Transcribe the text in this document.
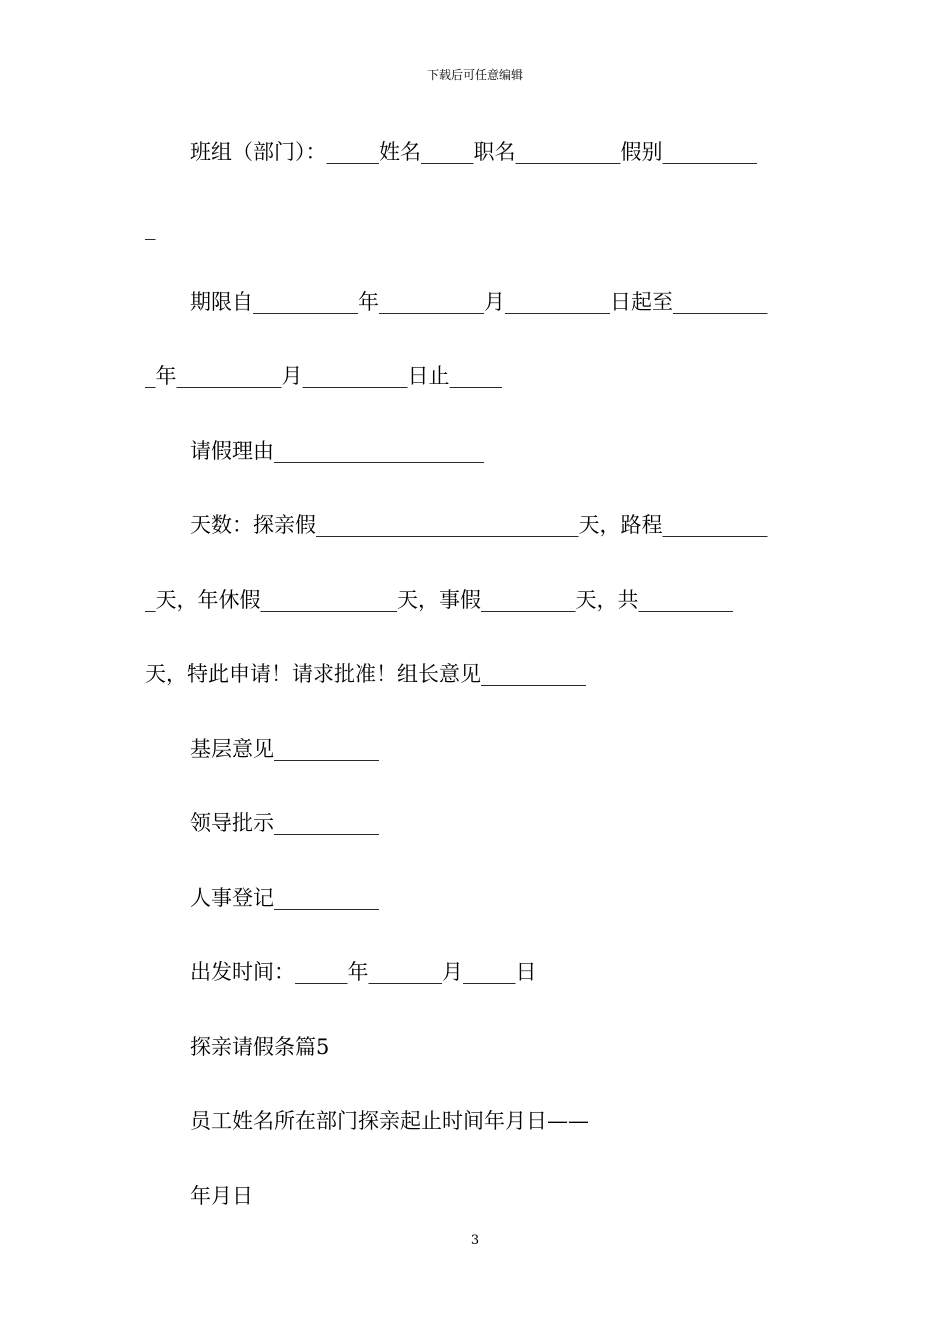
下载后可任意编辑
班组（部门）：_____姓名_____职名__________假别_________
_
期限自__________年__________月__________日起至_________
_年__________月__________日止_____
请假理由____________________
天数：探亲假_________________________天，路程__________
_天，年休假_____________天，事假_________天，共_________
天，特此申请！请求批准！组长意见__________
基层意见__________
领导批示__________
人事登记__________
出发时间：_____年_______月_____日
探亲请假条篇5
员工姓名所在部门探亲起止时间年月日——
年月日
3
